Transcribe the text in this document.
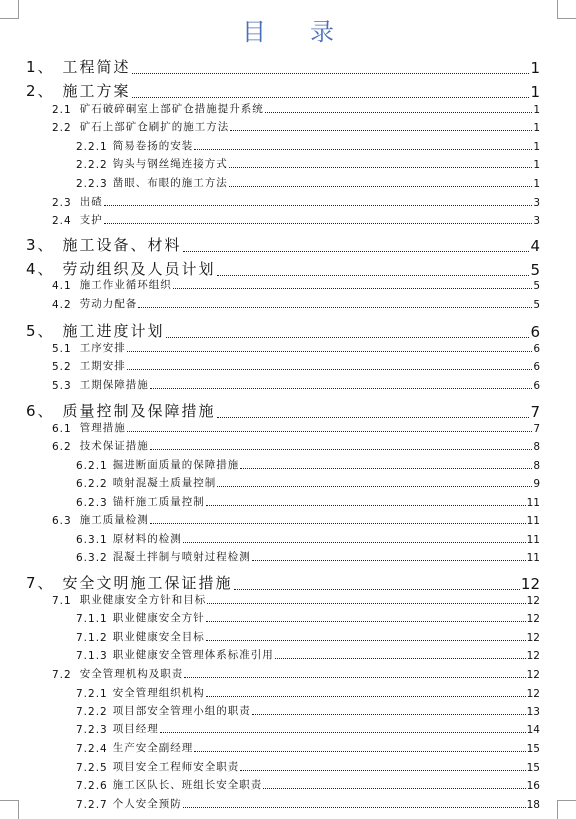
目录
1、 工程简述	1
2、 施工方案	1
2.1 矿石破碎硐室上部矿仓措施提升系统	1
2.2 矿石上部矿仓刷扩的施工方法	1
2.2.1 简易卷扬的安装	1
2.2.2 钩头与钢丝绳连接方式	1
2.2.3 凿眼、布眼的施工方法	1
2.3 出碴	3
2.4 支护	3
3、 施工设备、材料	4
4、 劳动组织及人员计划	5
4.1 施工作业循环组织	5
4.2 劳动力配备	5
5、 施工进度计划	6
5.1 工序安排	6
5.2 工期安排	6
5.3 工期保障措施	6
6、 质量控制及保障措施	7
6.1 管理措施	7
6.2 技术保证措施	8
6.2.1 掘进断面质量的保障措施	8
6.2.2 喷射混凝土质量控制	9
6.2.3 锚杆施工质量控制	11
6.3 施工质量检测	11
6.3.1 原材料的检测	11
6.3.2 混凝土拌制与喷射过程检测	11
7、 安全文明施工保证措施	12
7.1 职业健康安全方针和目标	12
7.1.1 职业健康安全方针	12
7.1.2 职业健康安全目标	12
7.1.3 职业健康安全管理体系标准引用	12
7.2 安全管理机构及职责	12
7.2.1 安全管理组织机构	12
7.2.2 项目部安全管理小组的职责	13
7.2.3 项目经理	14
7.2.4 生产安全副经理	15
7.2.5 项目安全工程师安全职责	15
7.2.6 施工区队长、班组长安全职责	16
7.2.7 个人安全预防	18
